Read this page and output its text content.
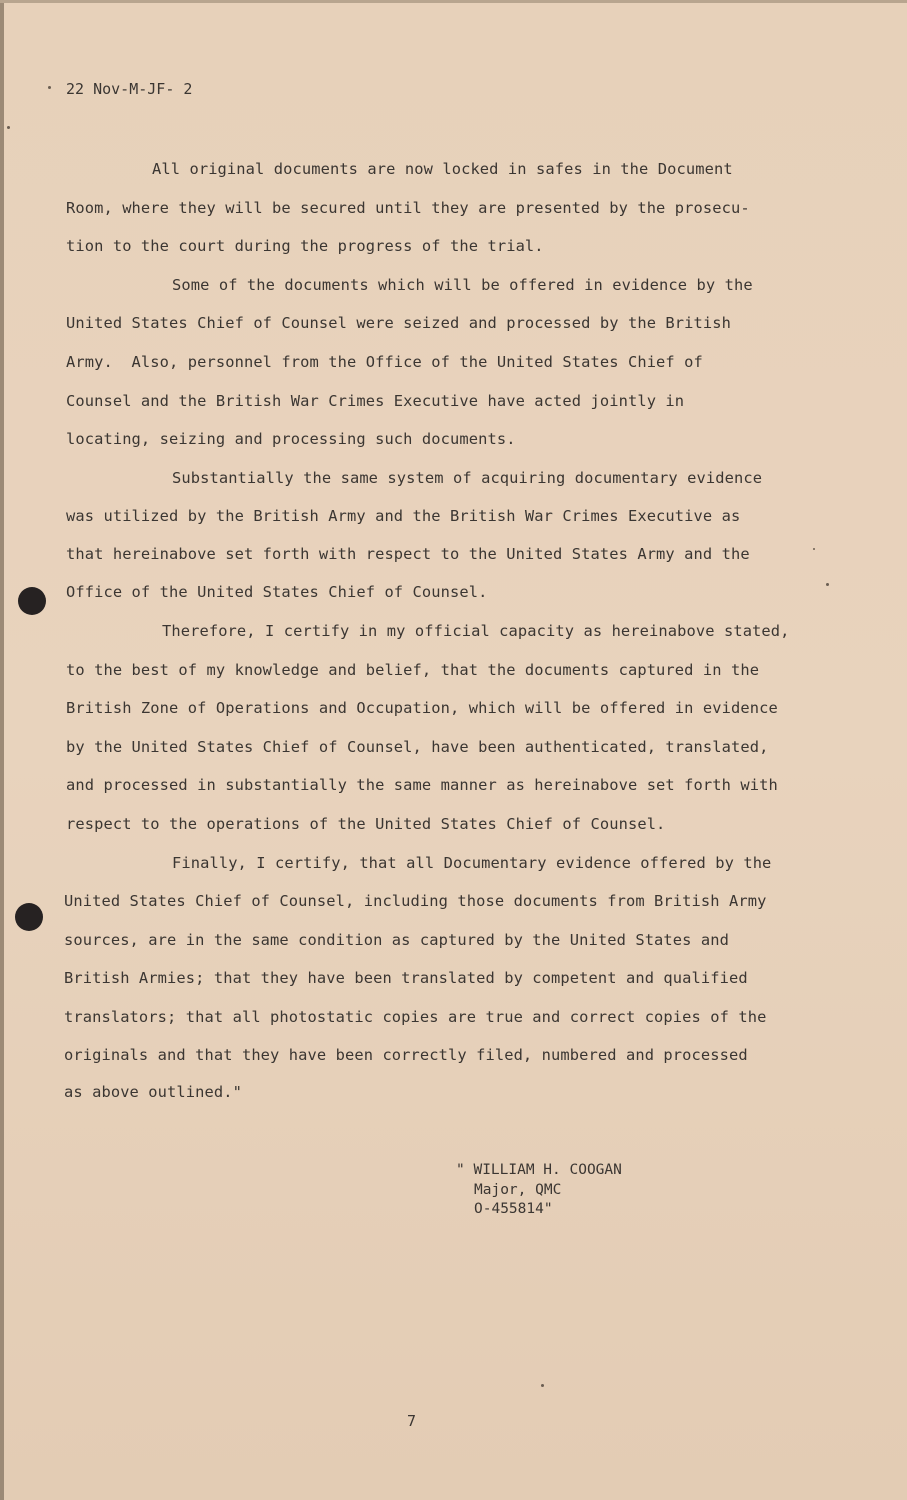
22 Nov-M-JF- 2
All original documents are now locked in safes in the Document
Room, where they will be secured until they are presented by the prosecu-
tion to the court during the progress of the trial.
Some of the documents which will be offered in evidence by the
United States Chief of Counsel were seized and processed by the British
Army.  Also, personnel from the Office of the United States Chief of
Counsel and the British War Crimes Executive have acted jointly in
locating, seizing and processing such documents.
Substantially the same system of acquiring documentary evidence
was utilized by the British Army and the British War Crimes Executive as
that hereinabove set forth with respect to the United States Army and the
Office of the United States Chief of Counsel.
Therefore, I certify in my official capacity as hereinabove stated,
to the best of my knowledge and belief, that the documents captured in the
British Zone of Operations and Occupation, which will be offered in evidence
by the United States Chief of Counsel, have been authenticated, translated,
and processed in substantially the same manner as hereinabove set forth with
respect to the operations of the United States Chief of Counsel.
Finally, I certify, that all Documentary evidence offered by the
United States Chief of Counsel, including those documents from British Army
sources, are in the same condition as captured by the United States and
British Armies; that they have been translated by competent and qualified
translators; that all photostatic copies are true and correct copies of the
originals and that they have been correctly filed, numbered and processed
as above outlined."
" WILLIAM H. COOGAN
Major, QMC
O-455814"
7
